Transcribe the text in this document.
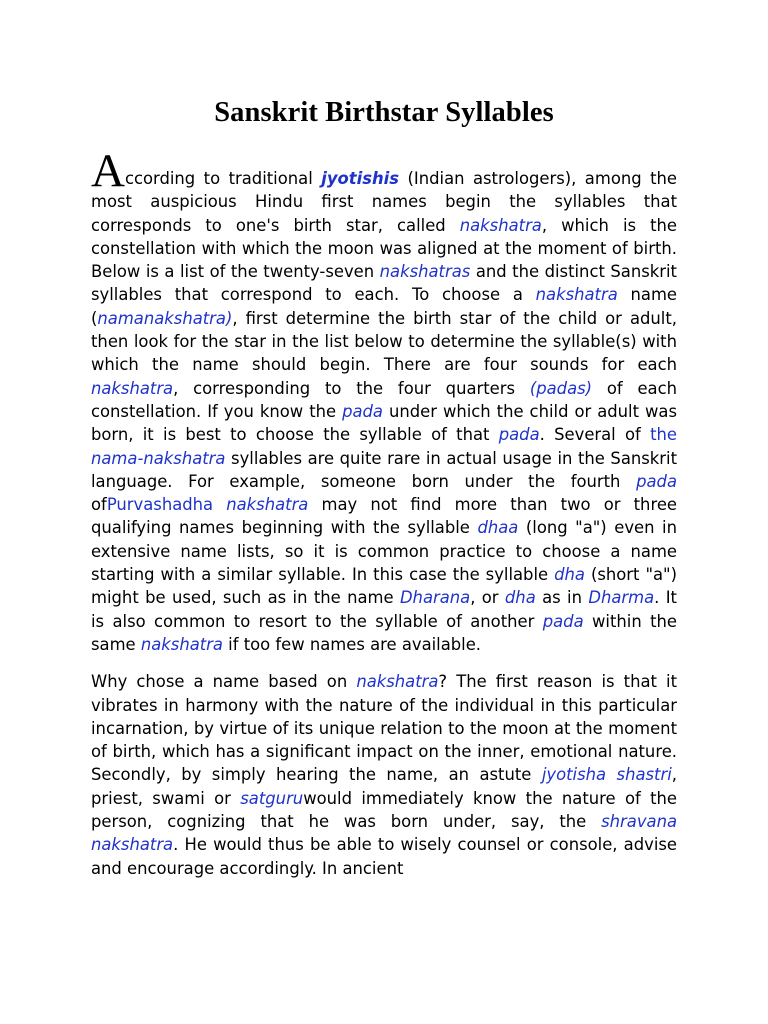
Sanskrit Birthstar Syllables

According to traditional jyotishis (Indian astrologers), among the most auspicious Hindu first names begin the syllables that corresponds to one's birth star, called nakshatra, which is the constellation with which the moon was aligned at the moment of birth. Below is a list of the twenty-seven nakshatras and the distinct Sanskrit syllables that correspond to each. To choose a nakshatra name (namanakshatra), first determine the birth star of the child or adult, then look for the star in the list below to determine the syllable(s) with which the name should begin. There are four sounds for each nakshatra, corresponding to the four quarters (padas) of each constellation. If you know the pada under which the child or adult was born, it is best to choose the syllable of that pada. Several of the nama-nakshatra syllables are quite rare in actual usage in the Sanskrit language. For example, someone born under the fourth pada ofPurvashadha nakshatra may not find more than two or three qualifying names beginning with the syllable dhaa (long "a") even in extensive name lists, so it is common practice to choose a name starting with a similar syllable. In this case the syllable dha (short "a") might be used, such as in the name Dharana, or dha as in Dharma. It is also common to resort to the syllable of another pada within the same nakshatra if too few names are available.

Why chose a name based on nakshatra? The first reason is that it vibrates in harmony with the nature of the individual in this particular incarnation, by virtue of its unique relation to the moon at the moment of birth, which has a significant impact on the inner, emotional nature. Secondly, by simply hearing the name, an astute jyotisha shastri, priest, swami or satguruwould immediately know the nature of the person, cognizing that he was born under, say, the shravana nakshatra. He would thus be able to wisely counsel or console, advise and encourage accordingly. In ancient
